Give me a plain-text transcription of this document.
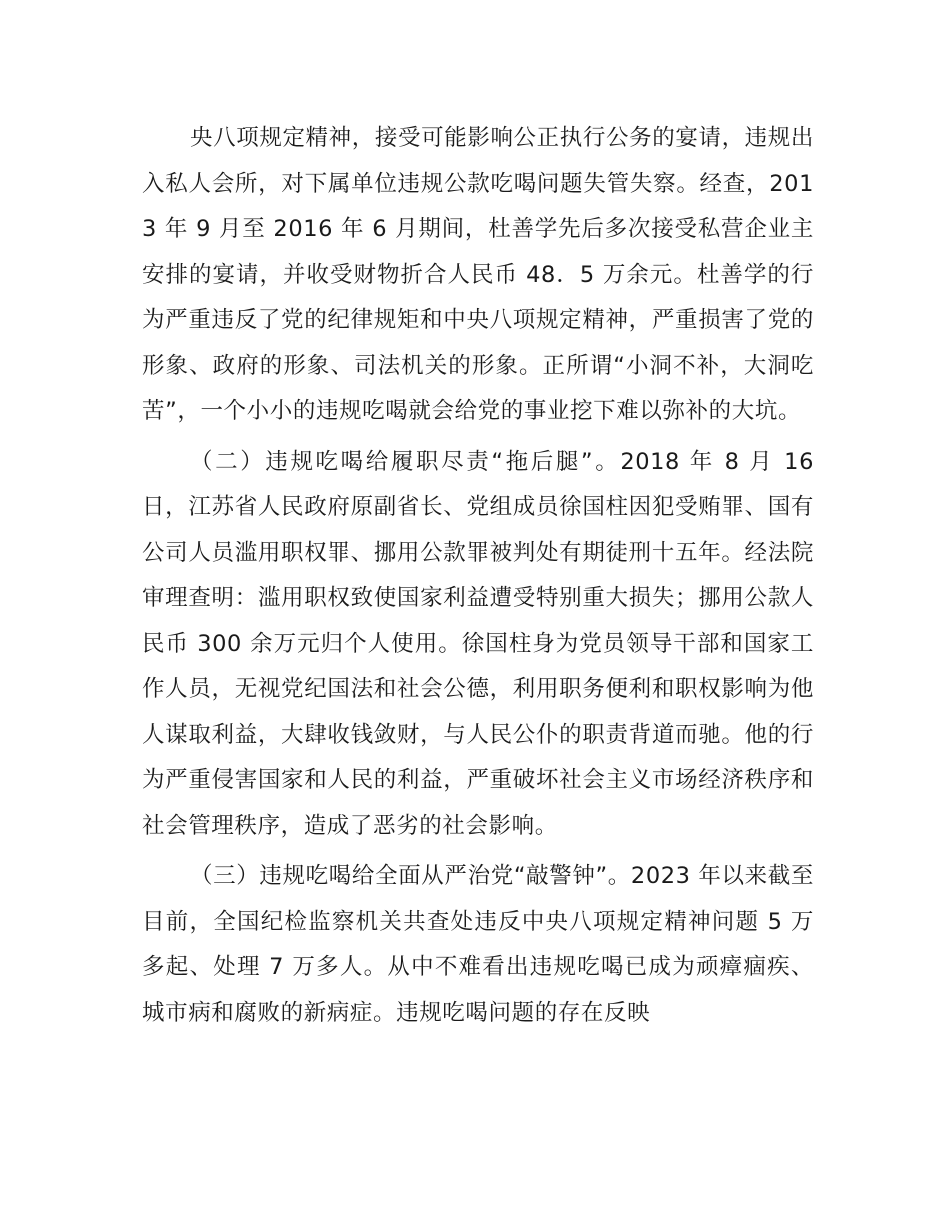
央八项规定精神，接受可能影响公正执行公务的宴请，违规出入私人会所，对下属单位违规公款吃喝问题失管失察。经查，2013 年 9 月至 2016 年 6 月期间，杜善学先后多次接受私营企业主安排的宴请，并收受财物折合人民币 48．5 万余元。杜善学的行为严重违反了党的纪律规矩和中央八项规定精神，严重损害了党的形象、政府的形象、司法机关的形象。正所谓“小洞不补，大洞吃苦”，一个小小的违规吃喝就会给党的事业挖下难以弥补的大坑。

（二）违规吃喝给履职尽责“拖后腿”。2018 年 8 月 16 日，江苏省人民政府原副省长、党组成员徐国柱因犯受贿罪、国有公司人员滥用职权罪、挪用公款罪被判处有期徒刑十五年。经法院审理查明：滥用职权致使国家利益遭受特别重大损失；挪用公款人民币 300 余万元归个人使用。徐国柱身为党员领导干部和国家工作人员，无视党纪国法和社会公德，利用职务便利和职权影响为他人谋取利益，大肆收钱敛财，与人民公仆的职责背道而驰。他的行为严重侵害国家和人民的利益，严重破坏社会主义市场经济秩序和社会管理秩序，造成了恶劣的社会影响。

（三）违规吃喝给全面从严治党“敲警钟”。2023 年以来截至目前，全国纪检监察机关共查处违反中央八项规定精神问题 5 万多起、处理 7 万多人。从中不难看出违规吃喝已成为顽瘴痼疾、城市病和腐败的新病症。违规吃喝问题的存在反映
